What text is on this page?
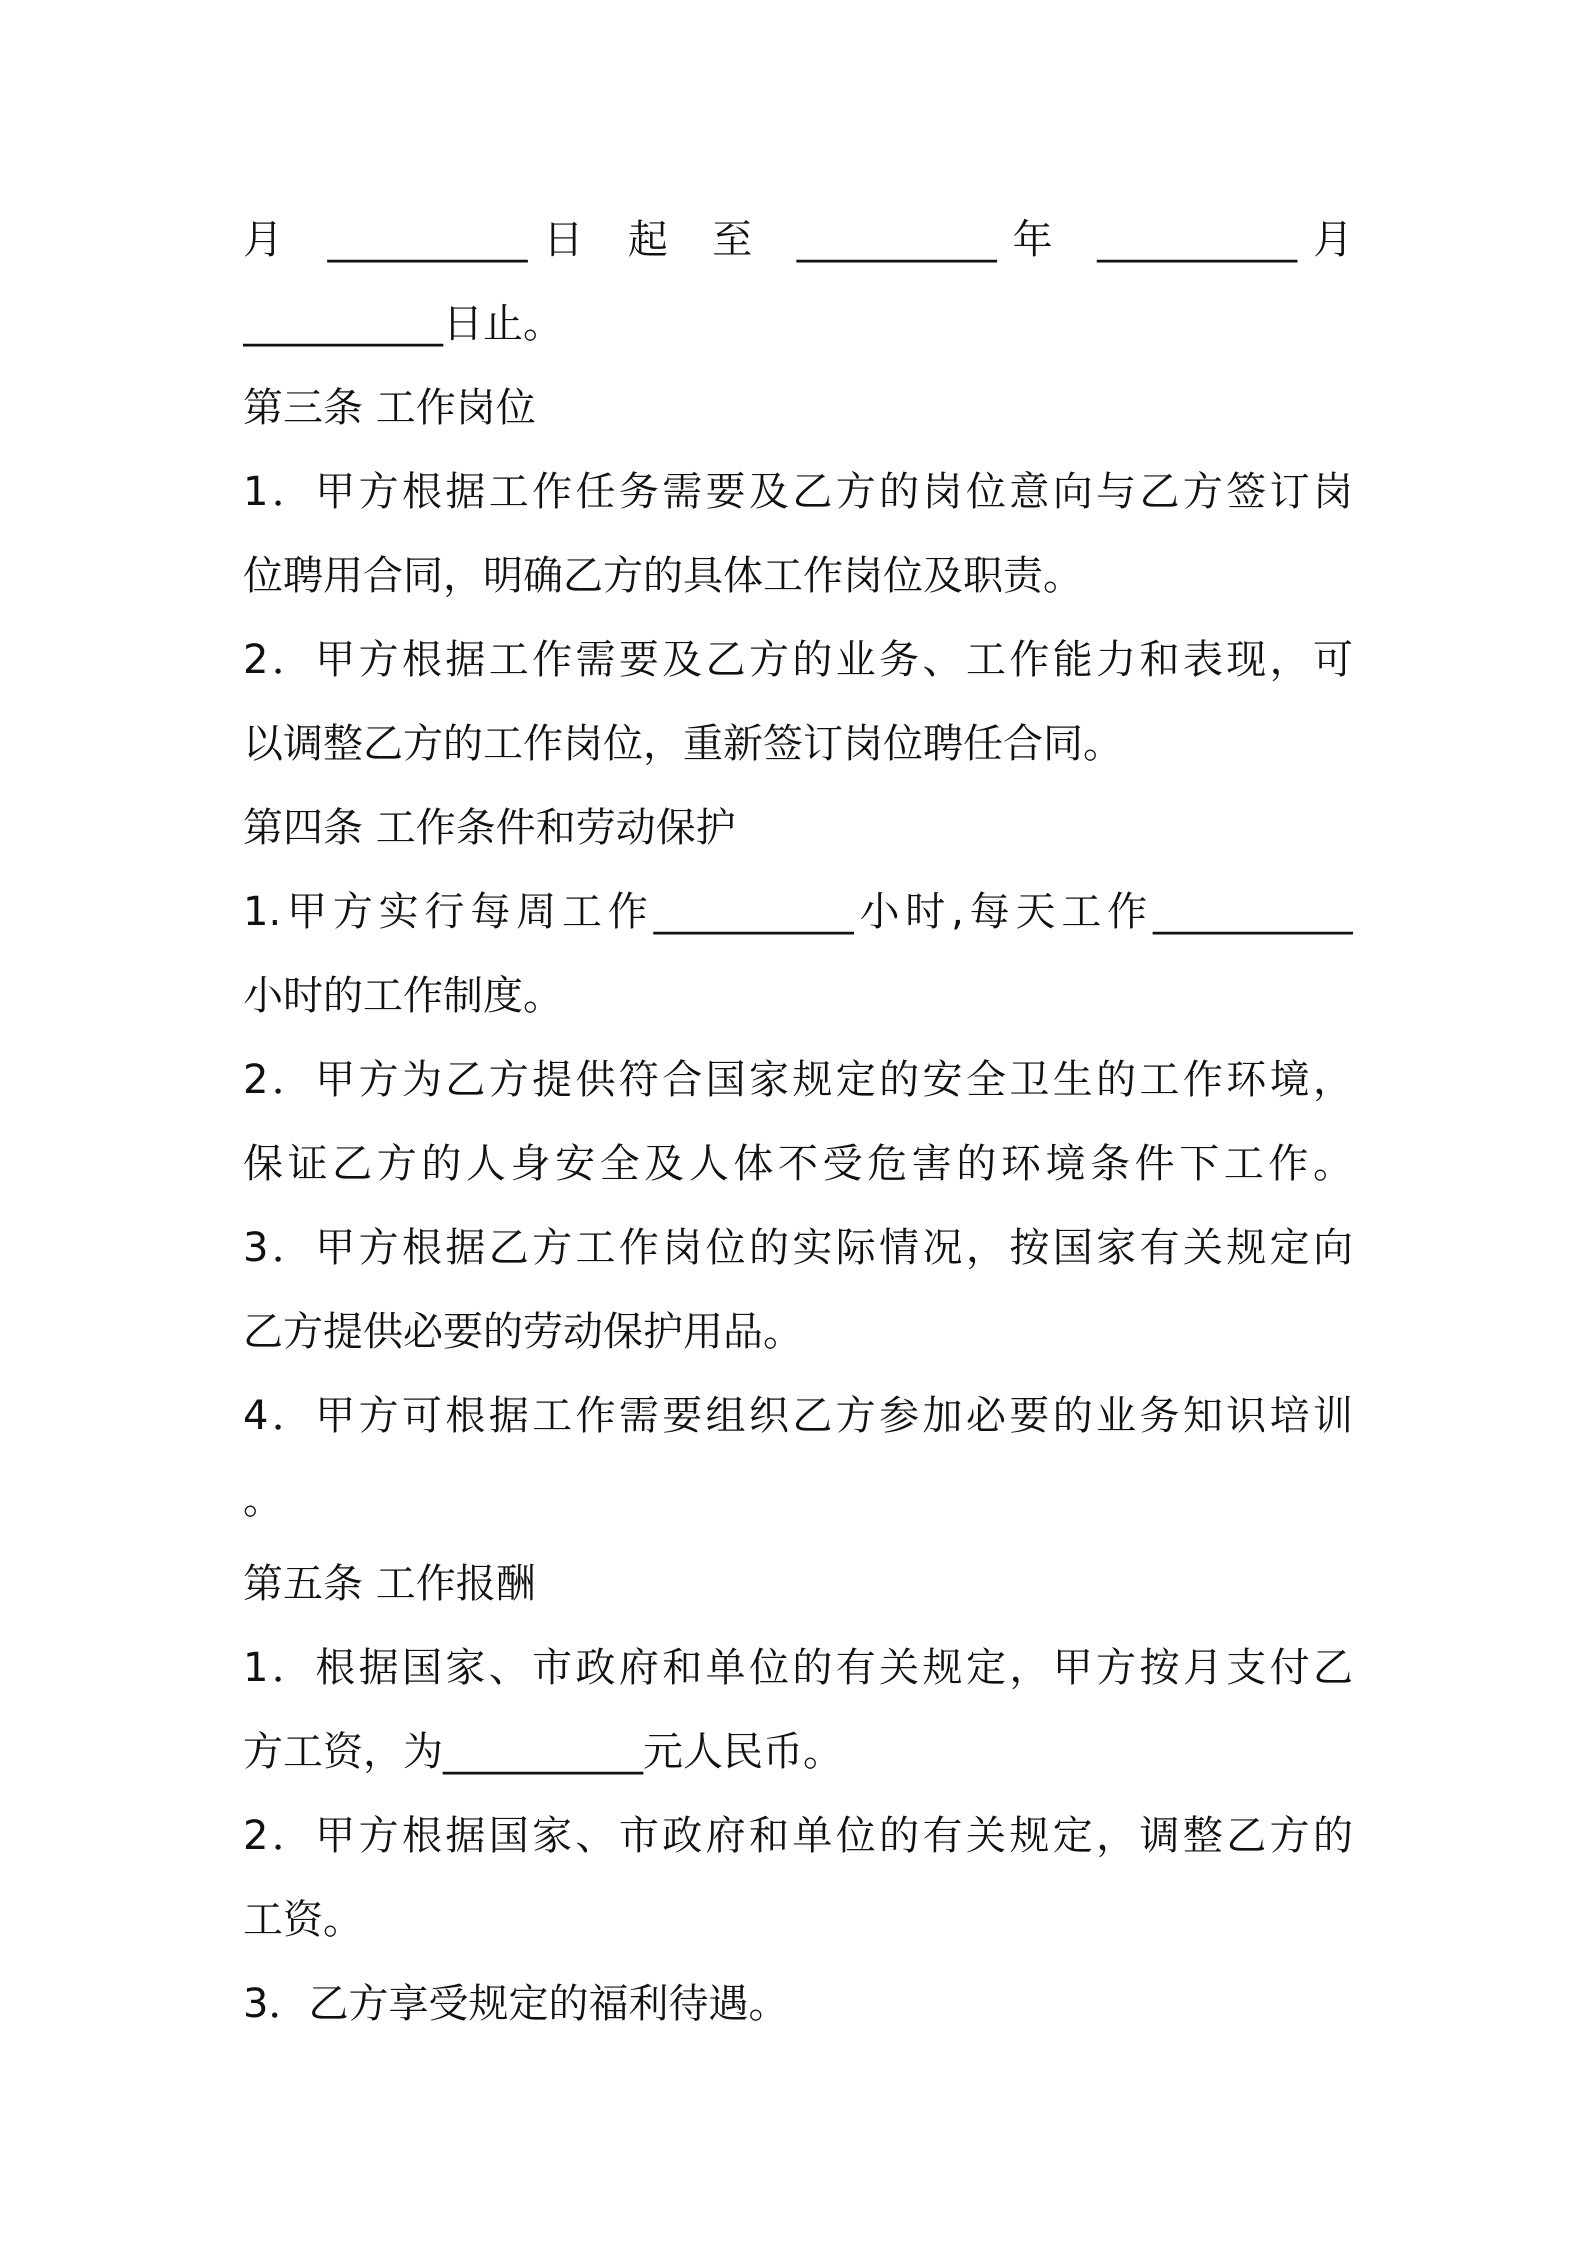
月 __________日 起 至 __________年 __________月
__________日止。
第三条 工作岗位
1．甲方根据工作任务需要及乙方的岗位意向与乙方签订岗
位聘用合同，明确乙方的具体工作岗位及职责。
2．甲方根据工作需要及乙方的业务、工作能力和表现，可
以调整乙方的工作岗位，重新签订岗位聘任合同。
第四条 工作条件和劳动保护
1.甲方实行每周工作__________小时,每天工作__________
小时的工作制度。
2．甲方为乙方提供符合国家规定的安全卫生的工作环境，
保证乙方的人身安全及人体不受危害的环境条件下工作。
3．甲方根据乙方工作岗位的实际情况，按国家有关规定向
乙方提供必要的劳动保护用品。
4．甲方可根据工作需要组织乙方参加必要的业务知识培训
。
第五条 工作报酬
1．根据国家、市政府和单位的有关规定，甲方按月支付乙
方工资，为__________元人民币。
2．甲方根据国家、市政府和单位的有关规定，调整乙方的
工资。
3．乙方享受规定的福利待遇。
